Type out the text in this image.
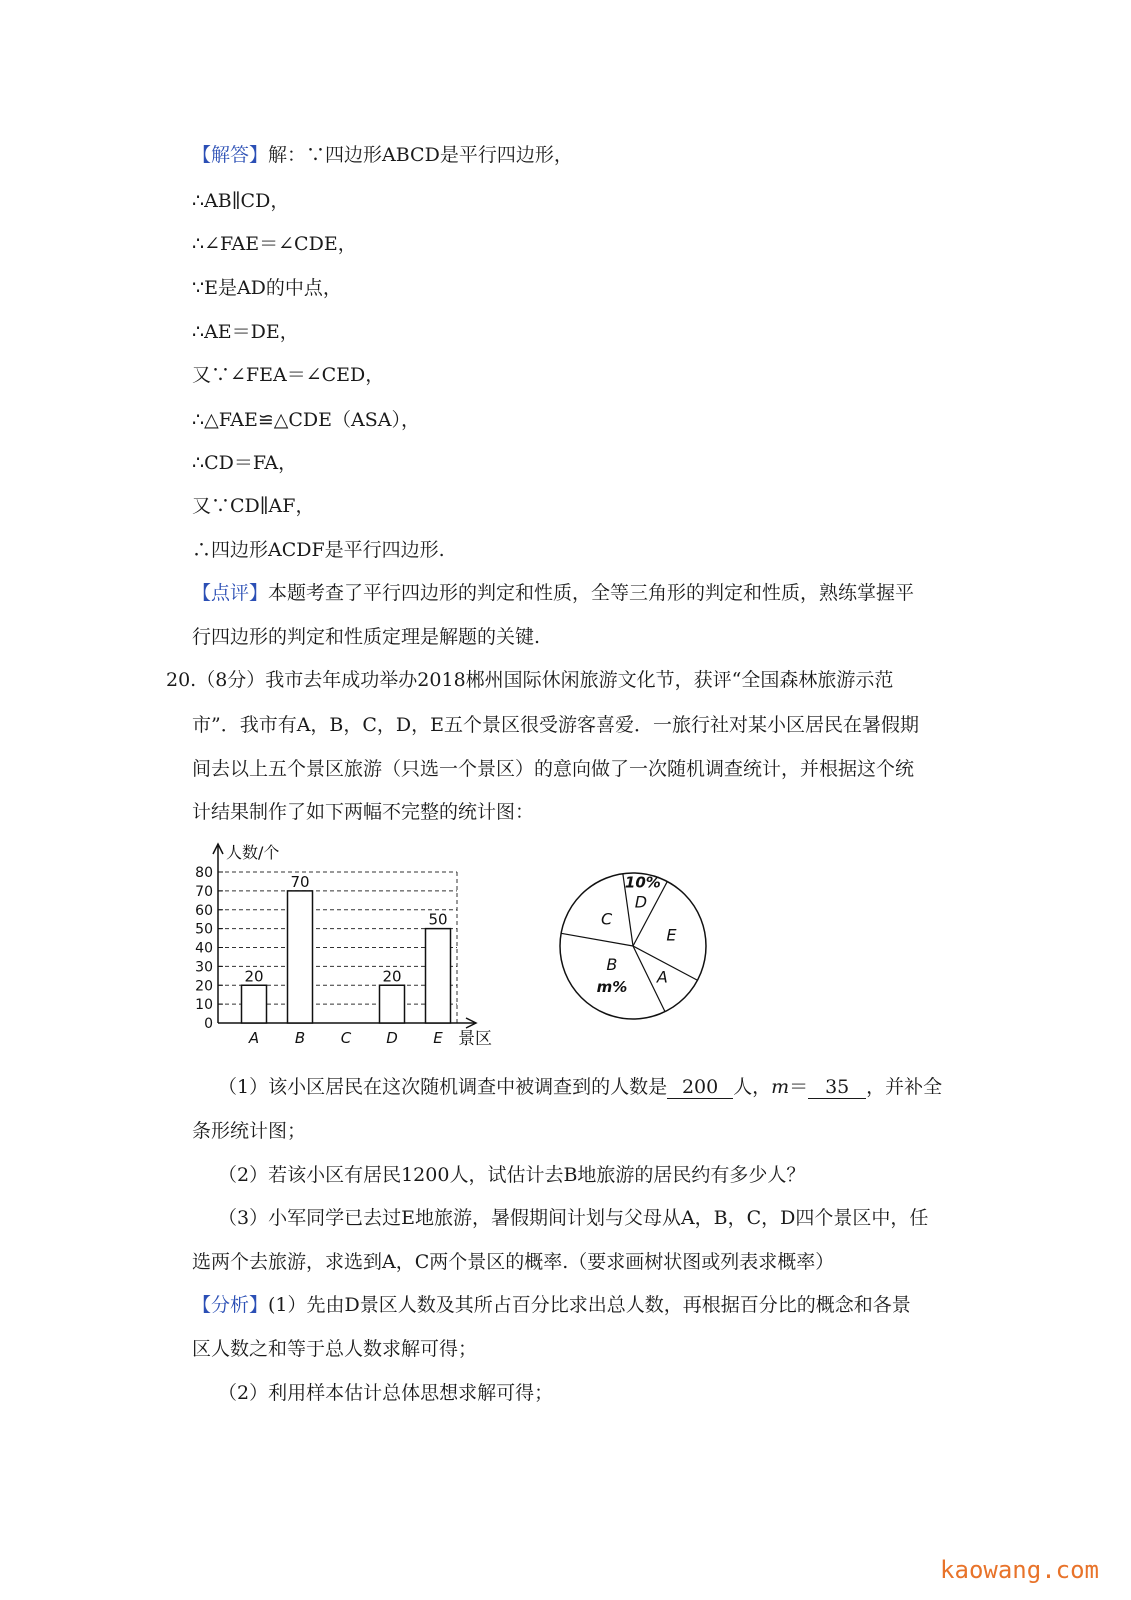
【解答】解：∵四边形ABCD是平行四边形，
∴AB∥CD，
∴∠FAE＝∠CDE，
∵E是AD的中点，
∴AE＝DE，
又∵∠FEA＝∠CED，
∴△FAE≌△CDE（ASA），
∴CD＝FA，
又∵CD∥AF，
∴四边形ACDF是平行四边形.
【点评】本题考查了平行四边形的判定和性质，全等三角形的判定和性质，熟练掌握平
行四边形的判定和性质定理是解题的关键.
20.（8分）我市去年成功举办2018郴州国际休闲旅游文化节，获评“全国森林旅游示范
市”．我市有A，B，C，D，E五个景区很受游客喜爱．一旅行社对某小区居民在暑假期
间去以上五个景区旅游（只选一个景区）的意向做了一次随机调查统计，并根据这个统
计结果制作了如下两幅不完整的统计图：
人数/个
景区
0
10
20
30
40
50
60
70
80
20
A
70
B C
20
D
50
E
10%
D
E
A
B
m%
C
（1）该小区居民在这次随机调查中被调查到的人数是 200 人，m＝ 35 ，并补全
条形统计图；
（2）若该小区有居民1200人，试估计去B地旅游的居民约有多少人？
（3）小军同学已去过E地旅游，暑假期间计划与父母从A，B，C，D四个景区中，任
选两个去旅游，求选到A，C两个景区的概率.（要求画树状图或列表求概率）
【分析】(1）先由D景区人数及其所占百分比求出总人数，再根据百分比的概念和各景
区人数之和等于总人数求解可得；
（2）利用样本估计总体思想求解可得；
kaowang.com
